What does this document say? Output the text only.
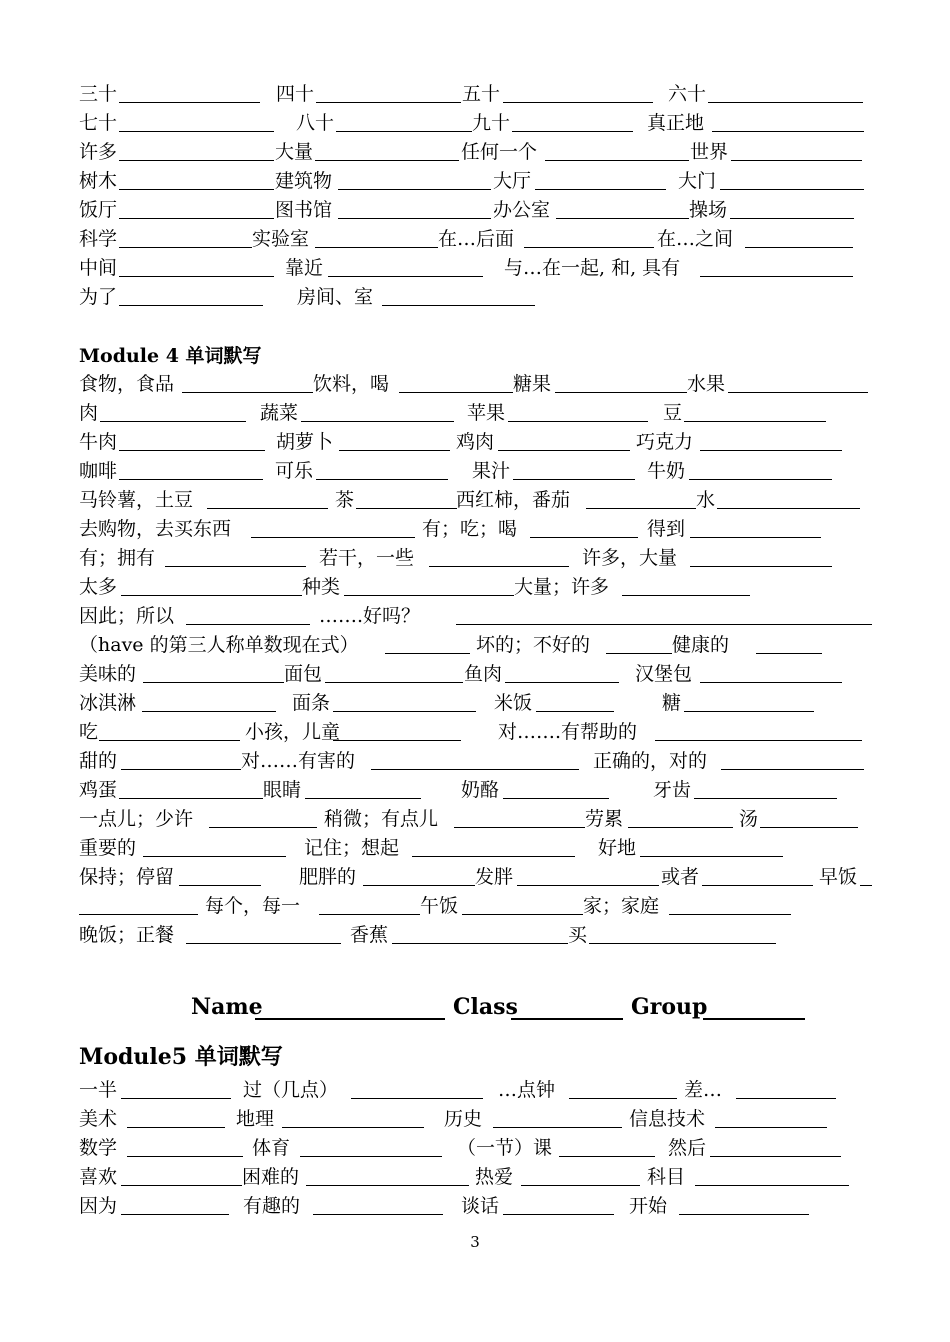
三十	四十	五十	六十
七十	八十	九十	真正地
许多	大量	任何一个	世界
树木	建筑物	大厅	大门
饭厅	图书馆	办公室	操场
科学	实验室	在…后面	在…之间
中间	靠近	与…在一起, 和, 具有
为了	房间、室
Module 4 单词默写
食物，食品	饮料，喝	糖果	水果
肉	蔬菜	苹果	豆
牛肉	胡萝卜	鸡肉	巧克力
咖啡	可乐	果汁	牛奶
马铃薯，土豆	茶	西红柿，番茄	水
去购物，去买东西	有；吃；喝	得到
有；拥有	若干，一些	许多，大量
太多	种类	大量；许多
因此；所以	…….好吗？
（have 的第三人称单数现在式）	坏的；不好的	健康的
美味的	面包	鱼肉	汉堡包
冰淇淋	面条	米饭	糖
吃	小孩，儿童	对…….有帮助的
甜的	对……有害的	正确的，对的
鸡蛋	眼睛	奶酪	牙齿
一点儿；少许	稍微；有点儿	劳累	汤
重要的	记住；想起	好地
保持；停留	肥胖的	发胖	或者	早饭
每个，每一	午饭	家；家庭
晚饭；正餐	香蕉	买
Name	Class	Group
Module5 单词默写
一半	过（几点）	…点钟	差…
美术	地理	历史	信息技术
数学	体育	（一节）课	然后
喜欢	困难的	热爱	科目
因为	有趣的	谈话	开始
3
